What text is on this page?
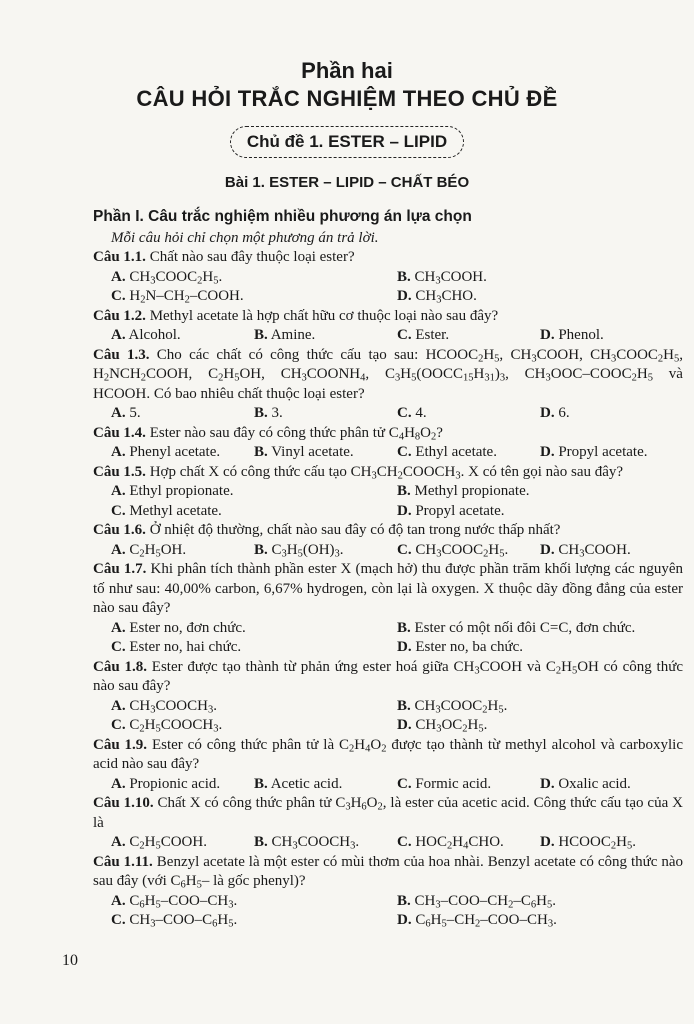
Phần hai
CÂU HỎI TRẮC NGHIỆM THEO CHỦ ĐỀ
Chủ đề 1. ESTER – LIPID
Bài 1. ESTER – LIPID – CHẤT BÉO
Phần I. Câu trắc nghiệm nhiều phương án lựa chọn
Mỗi câu hỏi chỉ chọn một phương án trả lời.
Câu 1.1. Chất nào sau đây thuộc loại ester?
A. $CH_3COOC_2H_5$.	B. $CH_3COOH$.
C. $H_2N-CH_2$–COOH.	D. $CH_3CHO$.
Câu 1.2. Methyl acetate là hợp chất hữu cơ thuộc loại nào sau đây?
A. Alcohol.	B. Amine.	C. Ester.	D. Phenol.
Câu 1.3. Cho các chất có công thức cấu tạo sau: $HCOOC_2H_5$, $CH_3COOH$, $CH_3COOC_2H_5$, $H_2NCH_2COOH$, $C_2H_5OH$, $CH_3COONH_4$, $C_3H_5(OOCC_{15}H_{31})_3$, $CH_3OOC-COOC_2H_5$ và HCOOH. Có bao nhiêu chất thuộc loại ester?
A. 5.	B. 3.	C. 4.	D. 6.
Câu 1.4. Ester nào sau đây có công thức phân tử $C_4H_8O_2$?
A. Phenyl acetate.	B. Vinyl acetate.	C. Ethyl acetate.	D. Propyl acetate.
Câu 1.5. Hợp chất X có công thức cấu tạo $CH_3CH_2COOCH_3$. X có tên gọi nào sau đây?
A. Ethyl propionate.	B. Methyl propionate.
C. Methyl acetate.	D. Propyl acetate.
Câu 1.6. Ở nhiệt độ thường, chất nào sau đây có độ tan trong nước thấp nhất?
A. $C_2H_5OH$.	B. $C_3H_5(OH)_3$.	C. $CH_3COOC_2H_5$.	D. $CH_3COOH$.
Câu 1.7. Khi phân tích thành phần ester X (mạch hở) thu được phần trăm khối lượng các nguyên tố như sau: 40,00% carbon, 6,67% hydrogen, còn lại là oxygen. X thuộc dãy đồng đẳng của ester nào sau đây?
A. Ester no, đơn chức.	B. Ester có một nối đôi C=C, đơn chức.
C. Ester no, hai chức.	D. Ester no, ba chức.
Câu 1.8. Ester được tạo thành từ phản ứng ester hoá giữa $CH_3COOH$ và $C_2H_5OH$ có công thức nào sau đây?
A. $CH_3COOCH_3$.	B. $CH_3COOC_2H_5$.
C. $C_2H_5COOCH_3$.	D. $CH_3OC_2H_5$.
Câu 1.9. Ester có công thức phân tử là $C_2H_4O_2$ được tạo thành từ methyl alcohol và carboxylic acid nào sau đây?
A. Propionic acid.	B. Acetic acid.	C. Formic acid.	D. Oxalic acid.
Câu 1.10. Chất X có công thức phân tử $C_3H_6O_2$, là ester của acetic acid. Công thức cấu tạo của X là
A. $C_2H_5COOH$.	B. $CH_3COOCH_3$.	C. $HOC_2H_4CHO$.	D. $HCOOC_2H_5$.
Câu 1.11. Benzyl acetate là một ester có mùi thơm của hoa nhài. Benzyl acetate có công thức nào sau đây (với $C_6H_5-$ là gốc phenyl)?
A. $C_6H_5-COO-CH_3$.	B. $CH_3-COO-CH_2-C_6H_5$.
C. $CH_3-COO-C_6H_5$.	D. $C_6H_5-CH_2-COO-CH_3$.
10
